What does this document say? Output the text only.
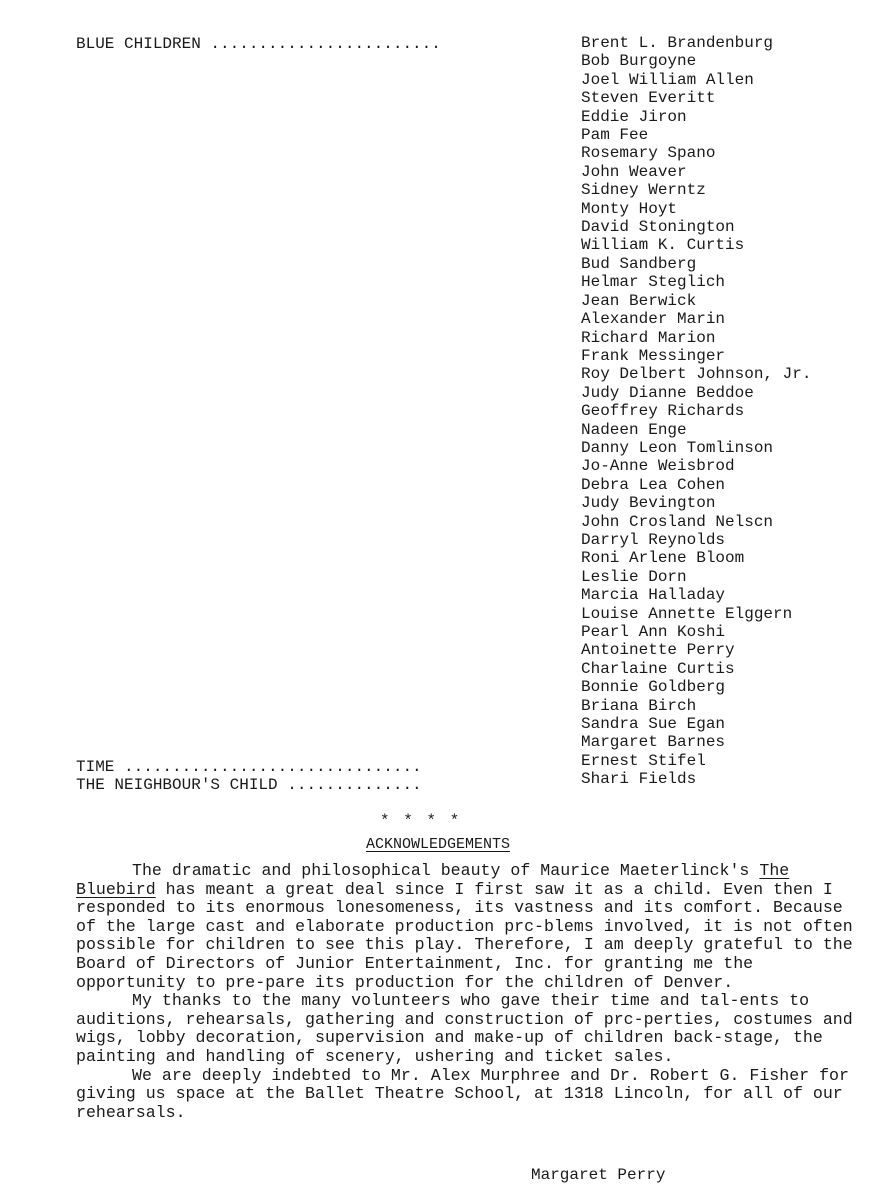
BLUE CHILDREN ........................	Brent L. Brandenburg
Bob Burgoyne
Joel William Allen
Steven Everitt
Eddie Jiron
Pam Fee
Rosemary Spano
John Weaver
Sidney Werntz
Monty Hoyt
David Stonington
William K. Curtis
Bud Sandberg
Helmar Steglich
Jean Berwick
Alexander Marin
Richard Marion
Frank Messinger
Roy Delbert Johnson, Jr.
Judy Dianne Beddoe
Geoffrey Richards
Nadeen Enge
Danny Leon Tomlinson
Jo-Anne Weisbrod
Debra Lea Cohen
Judy Bevington
John Crosland Nelscn
Darryl Reynolds
Roni Arlene Bloom
Leslie Dorn
Marcia Halladay
Louise Annette Elggern
Pearl Ann Koshi
Antoinette Perry
Charlaine Curtis
Bonnie Goldberg
Briana Birch
Sandra Sue Egan
Margaret Barnes
Ernest Stifel
Shari Fields
TIME ...............................
THE NEIGHBOUR'S CHILD ..............
* * * *
ACKNOWLEDGEMENTS

The dramatic and philosophical beauty of Maurice Maeterlinck's The Bluebird has meant a great deal since I first saw it as a child. Even then I responded to its enormous lonesomeness, its vastness and its comfort. Because of the large cast and elaborate production prc-blems involved, it is not often possible for children to see this play. Therefore, I am deeply grateful to the Board of Directors of Junior Entertainment, Inc. for granting me the opportunity to pre-pare its production for the children of Denver.

My thanks to the many volunteers who gave their time and tal-ents to auditions, rehearsals, gathering and construction of prc-perties, costumes and wigs, lobby decoration, supervision and make-up of children back-stage, the painting and handling of scenery, ushering and ticket sales.

We are deeply indebted to Mr. Alex Murphree and Dr. Robert G. Fisher for giving us space at the Ballet Theatre School, at 1318 Lincoln, for all of our rehearsals.

Margaret Perry
